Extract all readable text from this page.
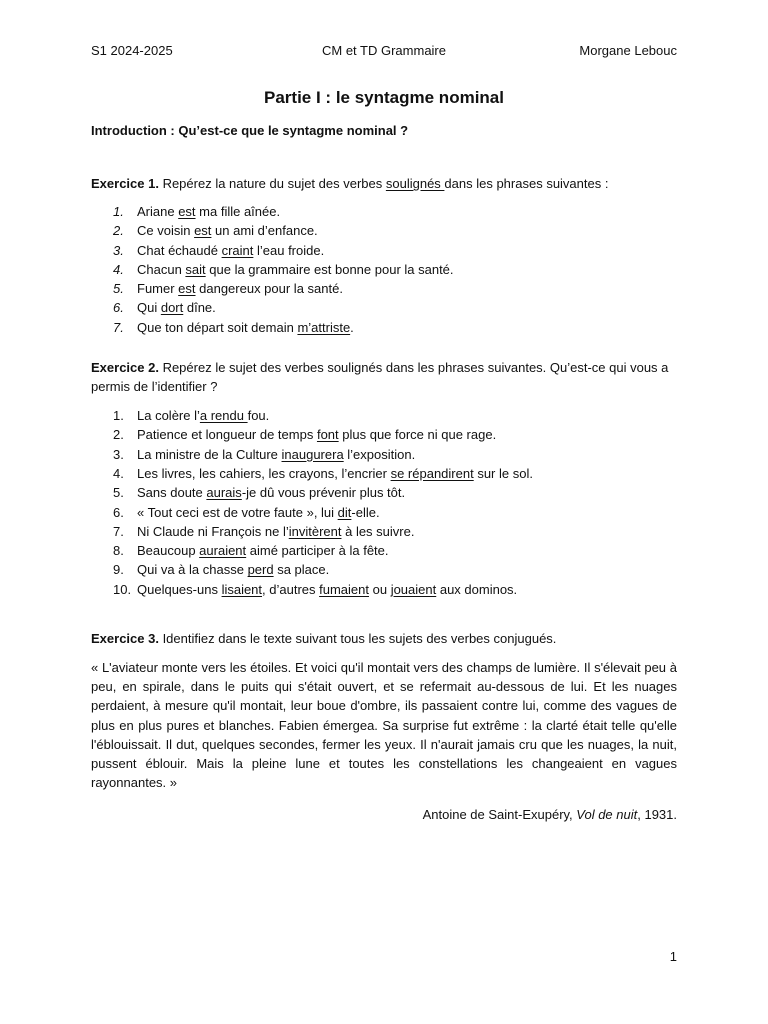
S1 2024-2025	CM et TD Grammaire	Morgane Lebouc
Partie I : le syntagme nominal

Introduction : Qu’est-ce que le syntagme nominal ?

Exercice 1. Repérez la nature du sujet des verbes soulignés dans les phrases suivantes :

1. Ariane est ma fille aînée.
2. Ce voisin est un ami d’enfance.
3. Chat échaudé craint l’eau froide.
4. Chacun sait que la grammaire est bonne pour la santé.
5. Fumer est dangereux pour la santé.
6. Qui dort dîne.
7. Que ton départ soit demain m’attriste.

Exercice 2. Repérez le sujet des verbes soulignés dans les phrases suivantes. Qu’est-ce qui vous a permis de l’identifier ?

1. La colère l’a rendu fou.
2. Patience et longueur de temps font plus que force ni que rage.
3. La ministre de la Culture inaugurera l’exposition.
4. Les livres, les cahiers, les crayons, l’encrier se répandirent sur le sol.
5. Sans doute aurais-je dû vous prévenir plus tôt.
6. « Tout ceci est de votre faute », lui dit-elle.
7. Ni Claude ni François ne l’invitèrent à les suivre.
8. Beaucoup auraient aimé participer à la fête.
9. Qui va à la chasse perd sa place.
10. Quelques-uns lisaient, d’autres fumaient ou jouaient aux dominos.

Exercice 3. Identifiez dans le texte suivant tous les sujets des verbes conjugués.

« L'aviateur monte vers les étoiles. Et voici qu'il montait vers des champs de lumière. Il s'élevait peu à peu, en spirale, dans le puits qui s'était ouvert, et se refermait au-dessous de lui. Et les nuages perdaient, à mesure qu'il montait, leur boue d'ombre, ils passaient contre lui, comme des vagues de plus en plus pures et blanches. Fabien émergea. Sa surprise fut extrême : la clarté était telle qu'elle l'éblouissait. Il dut, quelques secondes, fermer les yeux. Il n'aurait jamais cru que les nuages, la nuit, pussent éblouir. Mais la pleine lune et toutes les constellations les changeaient en vagues rayonnantes. »

Antoine de Saint-Exupéry, Vol de nuit, 1931.

1
